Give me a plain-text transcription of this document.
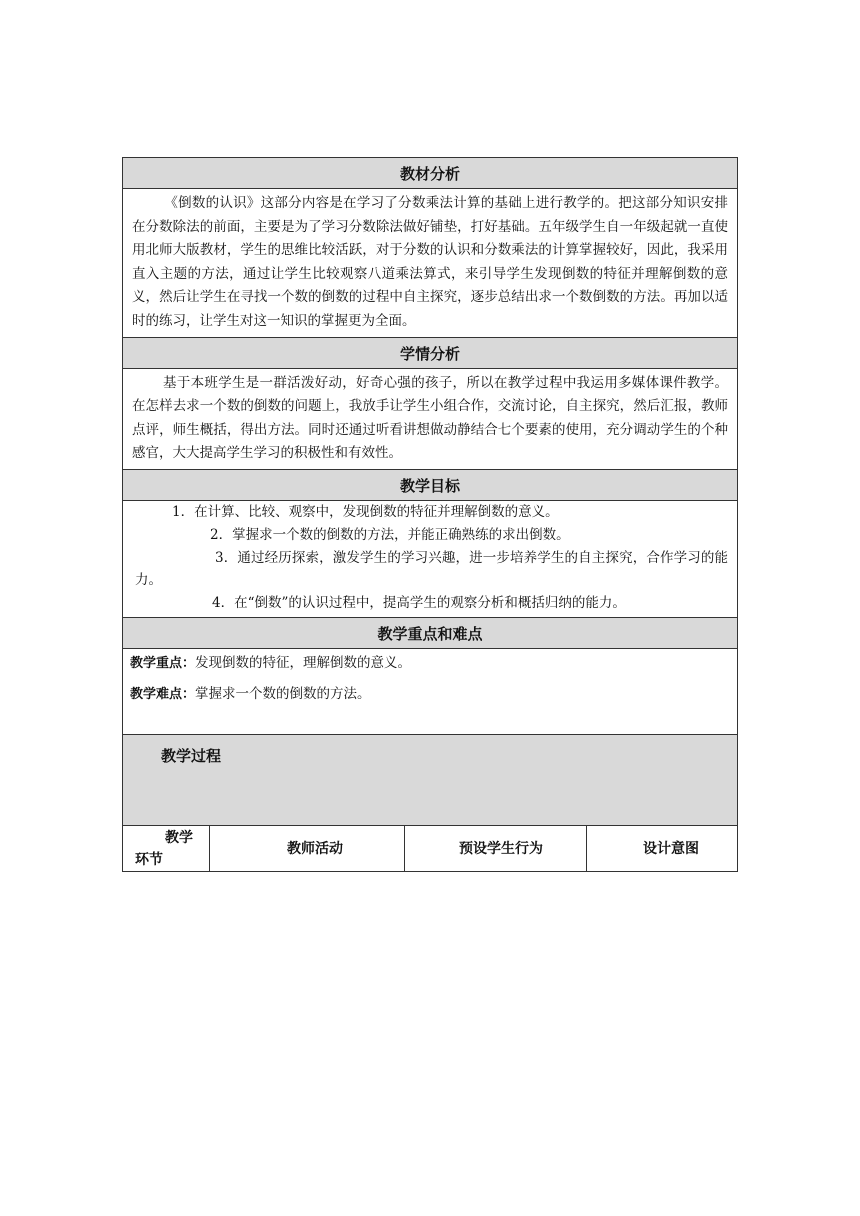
教材分析

《倒数的认识》这部分内容是在学习了分数乘法计算的基础上进行教学的。把这部分知识安排在分数除法的前面，主要是为了学习分数除法做好铺垫，打好基础。五年级学生自一年级起就一直使用北师大版教材，学生的思维比较活跃，对于分数的认识和分数乘法的计算掌握较好，因此，我采用直入主题的方法，通过让学生比较观察八道乘法算式，来引导学生发现倒数的特征并理解倒数的意义，然后让学生在寻找一个数的倒数的过程中自主探究，逐步总结出求一个数倒数的方法。再加以适时的练习，让学生对这一知识的掌握更为全面。

学情分析

基于本班学生是一群活泼好动，好奇心强的孩子，所以在教学过程中我运用多媒体课件教学。在怎样去求一个数的倒数的问题上，我放手让学生小组合作，交流讨论，自主探究，然后汇报，教师点评，师生概括，得出方法。同时还通过听看讲想做动静结合七个要素的使用，充分调动学生的个种感官，大大提高学生学习的积极性和有效性。

教学目标

1．在计算、比较、观察中，发现倒数的特征并理解倒数的意义。

2．掌握求一个数的倒数的方法，并能正确熟练的求出倒数。

3．通过经历探索，激发学生的学习兴趣，进一步培养学生的自主探究，合作学习的能力。

4．在“倒数”的认识过程中，提高学生的观察分析和概括归纳的能力。

教学重点和难点

教学重点：发现倒数的特征，理解倒数的意义。

教学难点：掌握求一个数的倒数的方法。

教学过程
教学
环节
教师活动	预设学生行为	设计意图
